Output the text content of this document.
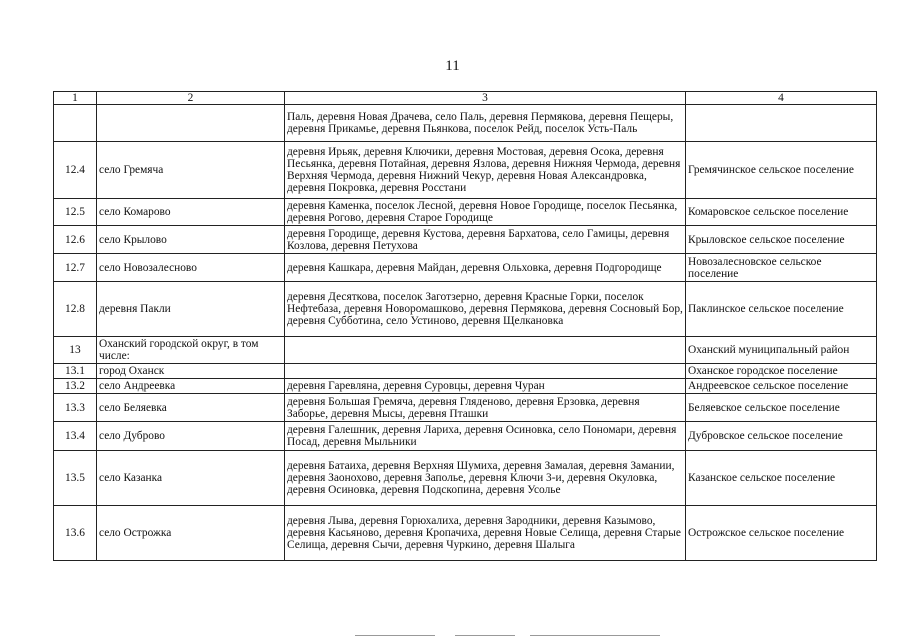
11
1	2	3	4
		Паль, деревня Новая Драчева, село Паль, деревня Пермякова, деревня Пещеры, деревня Прикамье, деревня Пьянкова, поселок Рейд, поселок Усть-Паль	
12.4	село Гремяча	деревня Ирьяк, деревня Ключики, деревня Мостовая, деревня Осока, деревня Песьянка, деревня Потайная, деревня Язлова, деревня Нижняя Чермода, деревня Верхняя Чермода, деревня Нижний Чекур, деревня Новая Александровка, деревня Покровка, деревня Росстани	Гремячинское сельское поселение
12.5	село Комарово	деревня Каменка, поселок Лесной, деревня Новое Городище, поселок Песьянка, деревня Рогово, деревня Старое Городище	Комаровское сельское поселение
12.6	село Крылово	деревня Городище, деревня Кустова, деревня Бархатова, село Гамицы, деревня Козлова, деревня Петухова	Крыловское сельское поселение
12.7	село Новозалесново	деревня Кашкара, деревня Майдан, деревня Ольховка, деревня Подгородище	Новозалесновское сельское поселение
12.8	деревня Пакли	деревня Десяткова, поселок Заготзерно, деревня Красные Горки, поселок Нефтебаза, деревня Новоромашково, деревня Пермякова, деревня Сосновый Бор, деревня Субботина, село Устиново, деревня Щелкановка	Паклинское сельское поселение
13	Оханский городской округ, в том числе:		Оханский муниципальный район
13.1	город Оханск		Оханское городское поселение
13.2	село Андреевка	деревня Гаревляна, деревня Суровцы, деревня Чуран	Андреевское сельское поселение
13.3	село Беляевка	деревня Большая Гремяча, деревня Гляденово, деревня Ерзовка, деревня Заборье, деревня Мысы, деревня Пташки	Беляевское сельское поселение
13.4	село Дуброво	деревня Галешник, деревня Лариха, деревня Осиновка, село Пономари, деревня Посад, деревня Мыльники	Дубровское сельское поселение
13.5	село Казанка	деревня Батаиха, деревня Верхняя Шумиха, деревня Замалая, деревня Замании, деревня Заонохово, деревня Заполье, деревня Ключи 3-и, деревня Окуловка, деревня Осиновка, деревня Подскопина, деревня Усолье	Казанское сельское поселение
13.6	село Острожка	деревня Лыва, деревня Горюхалиха, деревня Зародники, деревня Казымово, деревня Касьяново, деревня Кропачиха, деревня Новые Селища, деревня Старые Селища, деревня Сычи, деревня Чуркино, деревня Шалыга	Острожское сельское поселение
